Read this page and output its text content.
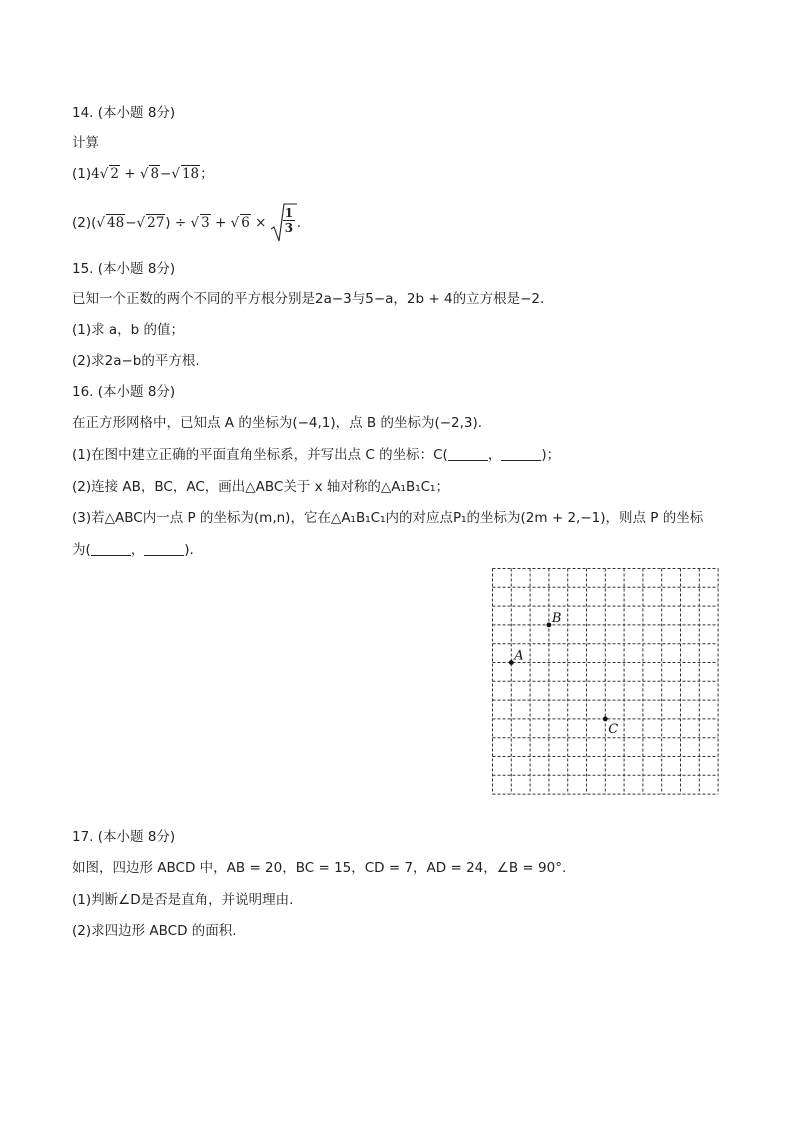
14. (本小题 8分)
计算
(1)4√ 2 + √ 8−√ 18；
(2)(√ 48−√ 27) ÷ √ 3 + √ $6 \times \frac{1}{3}$ .
15. (本小题 8分)
已知一个正数的两个不同的平方根分别是2a−3与5−a，2b + 4的立方根是−2.
(1)求 a，b 的值；
(2)求2a−b的平方根.
16. (本小题 8分)
在正方形网格中，已知点 A 的坐标为(−4,1)，点 B 的坐标为(−2,3).
(1)在图中建立正确的平面直角坐标系，并写出点 C 的坐标：C(	，	)；
(2)连接 AB，BC，AC，画出△ABC关于 x 轴对称的△A₁B₁C₁；
(3)若△ABC内一点 P 的坐标为(m,n)，它在△A₁B₁C₁内的对应点P₁的坐标为(2m + 2,−1)，则点 P 的坐标
为(	，	).
A
B
C
17. (本小题 8分)
如图，四边形 ABCD 中，AB = 20，BC = 15，CD = 7，AD = 24，∠B = 90°.
(1)判断∠D是否是直角，并说明理由.
(2)求四边形 ABCD 的面积.
